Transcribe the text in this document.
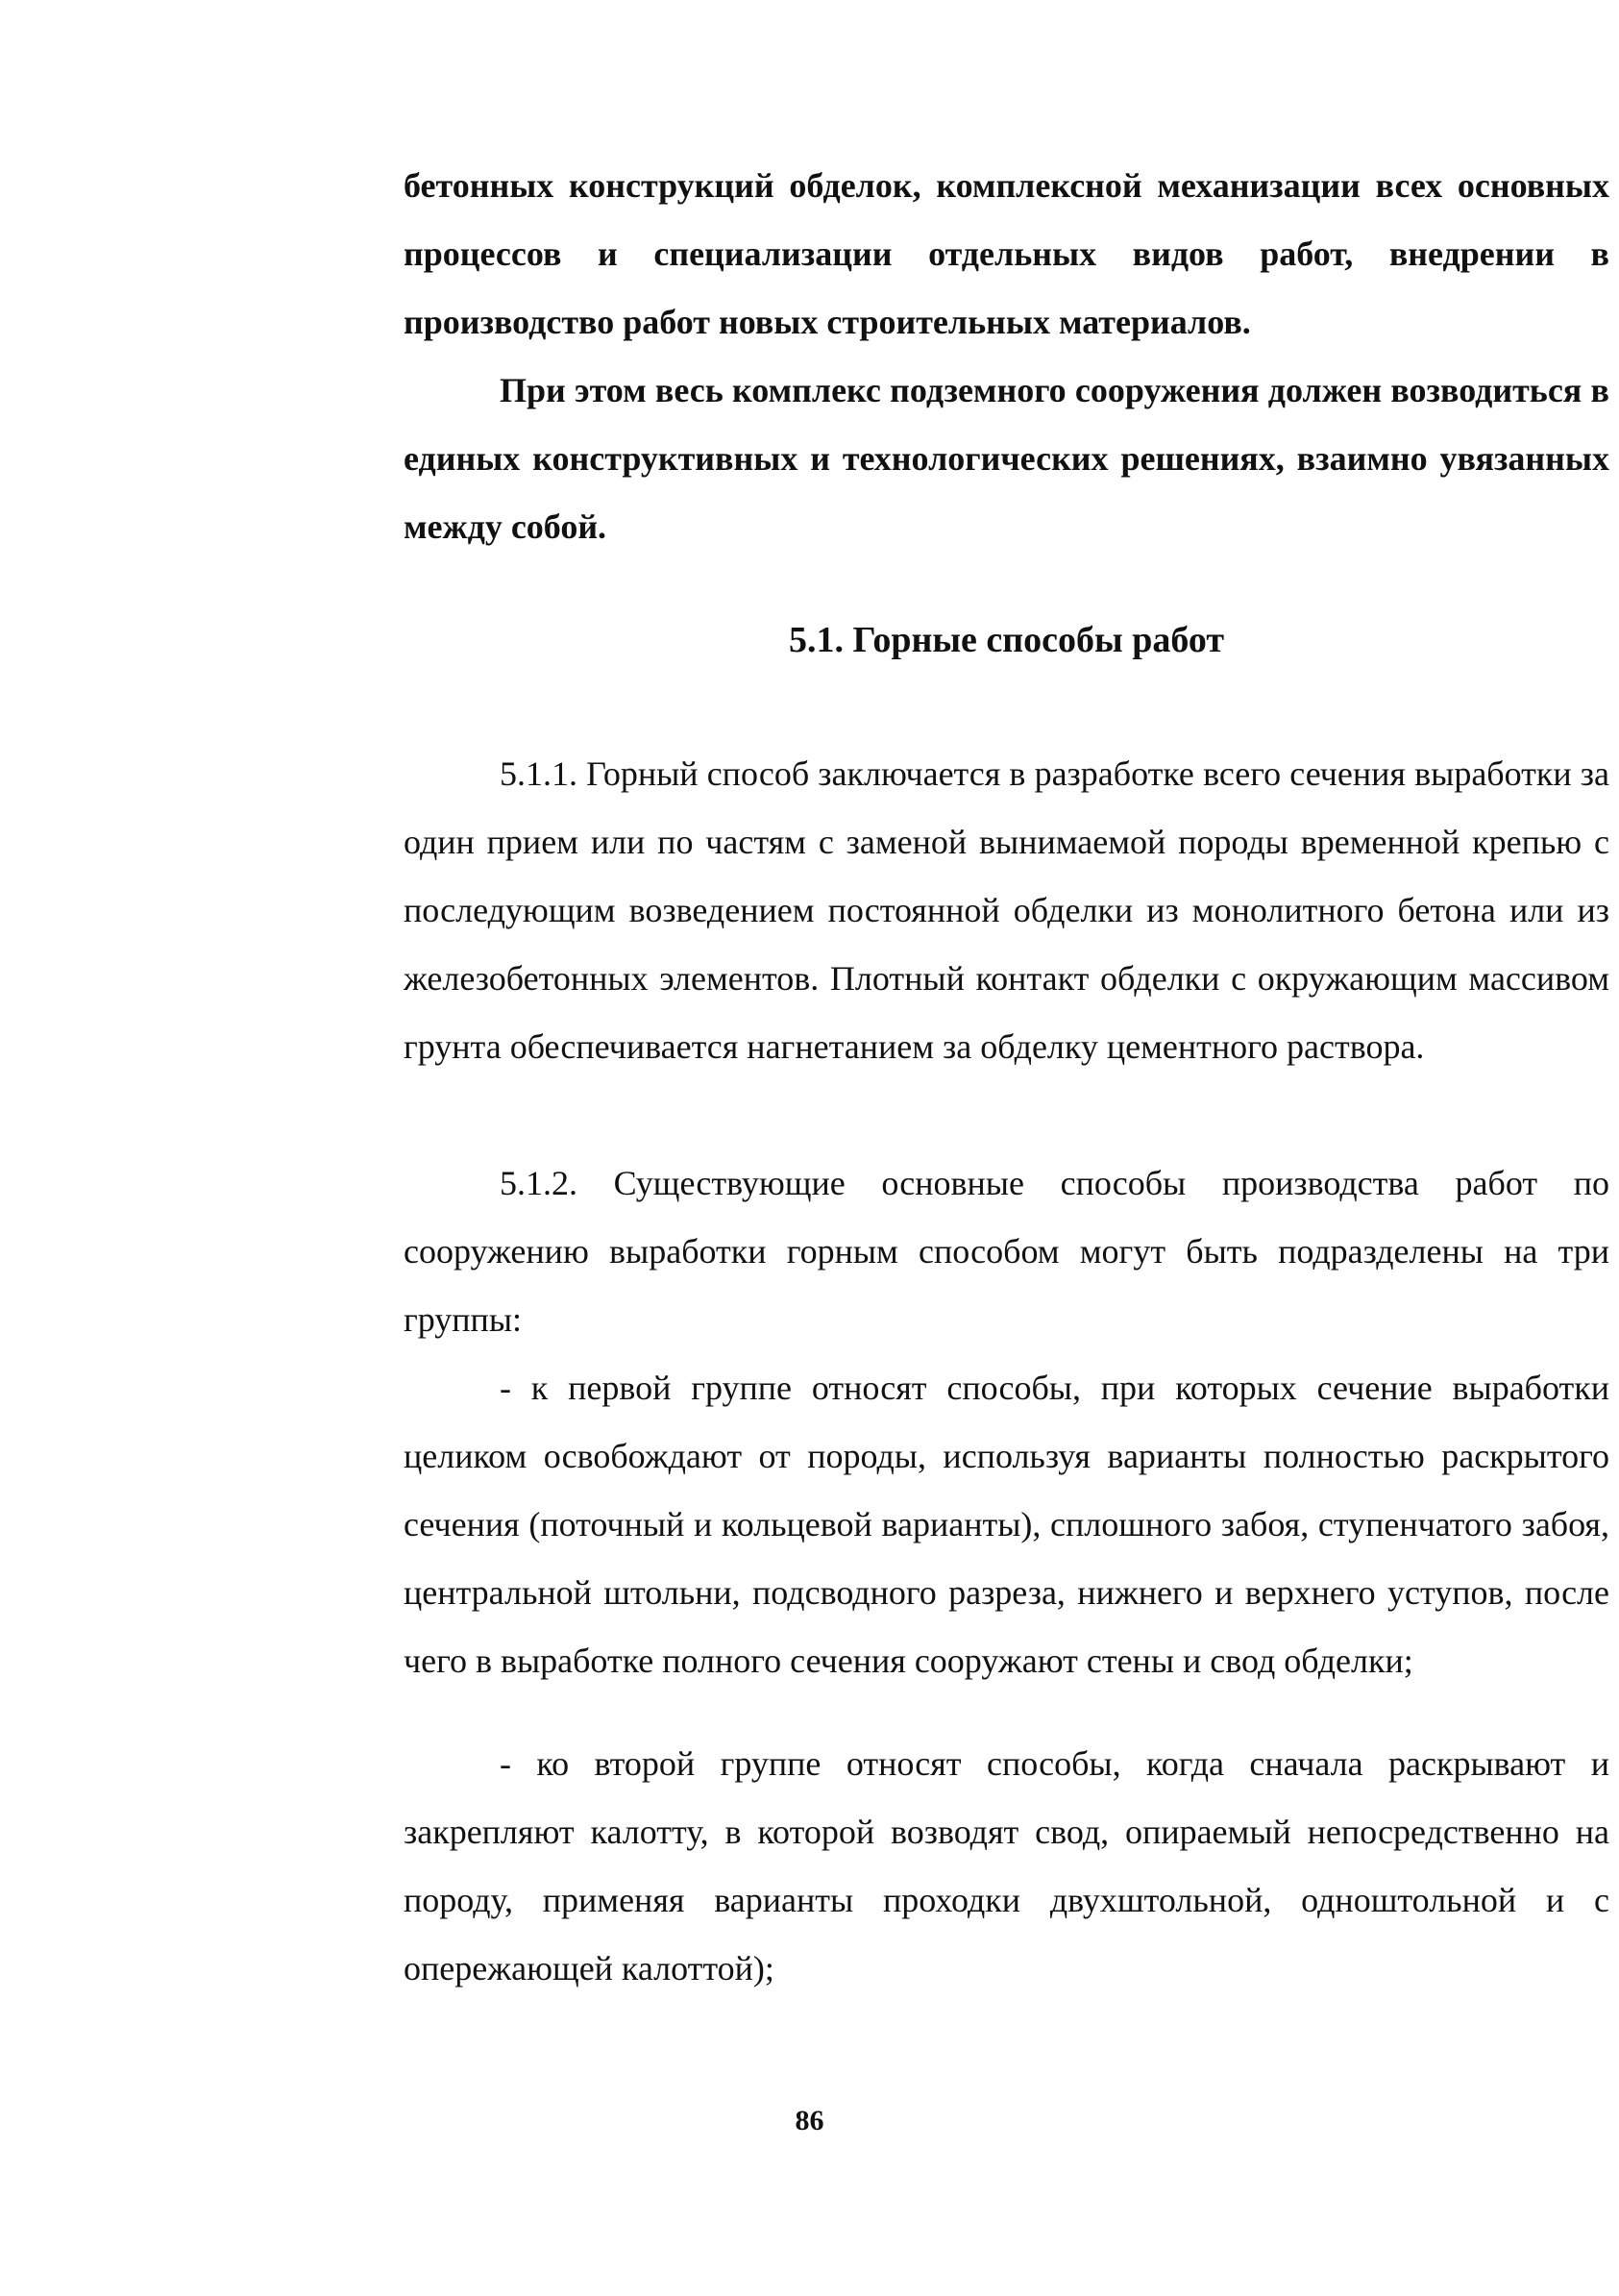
бетонных конструкций обделок, комплексной механизации всех основных процессов и специализации отдельных видов работ, внедрении в производство работ новых строительных материалов.

При этом весь комплекс подземного сооружения должен возводиться в единых конструктивных и технологических решениях, взаимно увязанных между собой.

5.1. Горные способы работ

5.1.1. Горный способ заключается в разработке всего сечения выработки за один прием или по частям с заменой вынимаемой породы временной крепью с последующим возведением постоянной обделки из монолитного бетона или из железобетонных элементов. Плотный контакт обделки с окружающим массивом грунта обеспечивается нагнетанием за обделку цементного раствора.

5.1.2. Существующие основные способы производства работ по сооружению выработки горным способом могут быть подразделены на три группы:

- к первой группе относят способы, при которых сечение выработки целиком освобождают от породы, используя варианты полностью раскрытого сечения (поточный и кольцевой варианты), сплошного забоя, ступенчатого забоя, центральной штольни, подсводного разреза, нижнего и верхнего уступов, после чего в выработке полного сечения сооружают стены и свод обделки;

- ко второй группе относят способы, когда сначала раскрывают и закрепляют калотту, в которой возводят свод, опираемый непосредственно на породу, применяя варианты проходки двухштольной, одноштольной и с опережающей калоттой);

86
